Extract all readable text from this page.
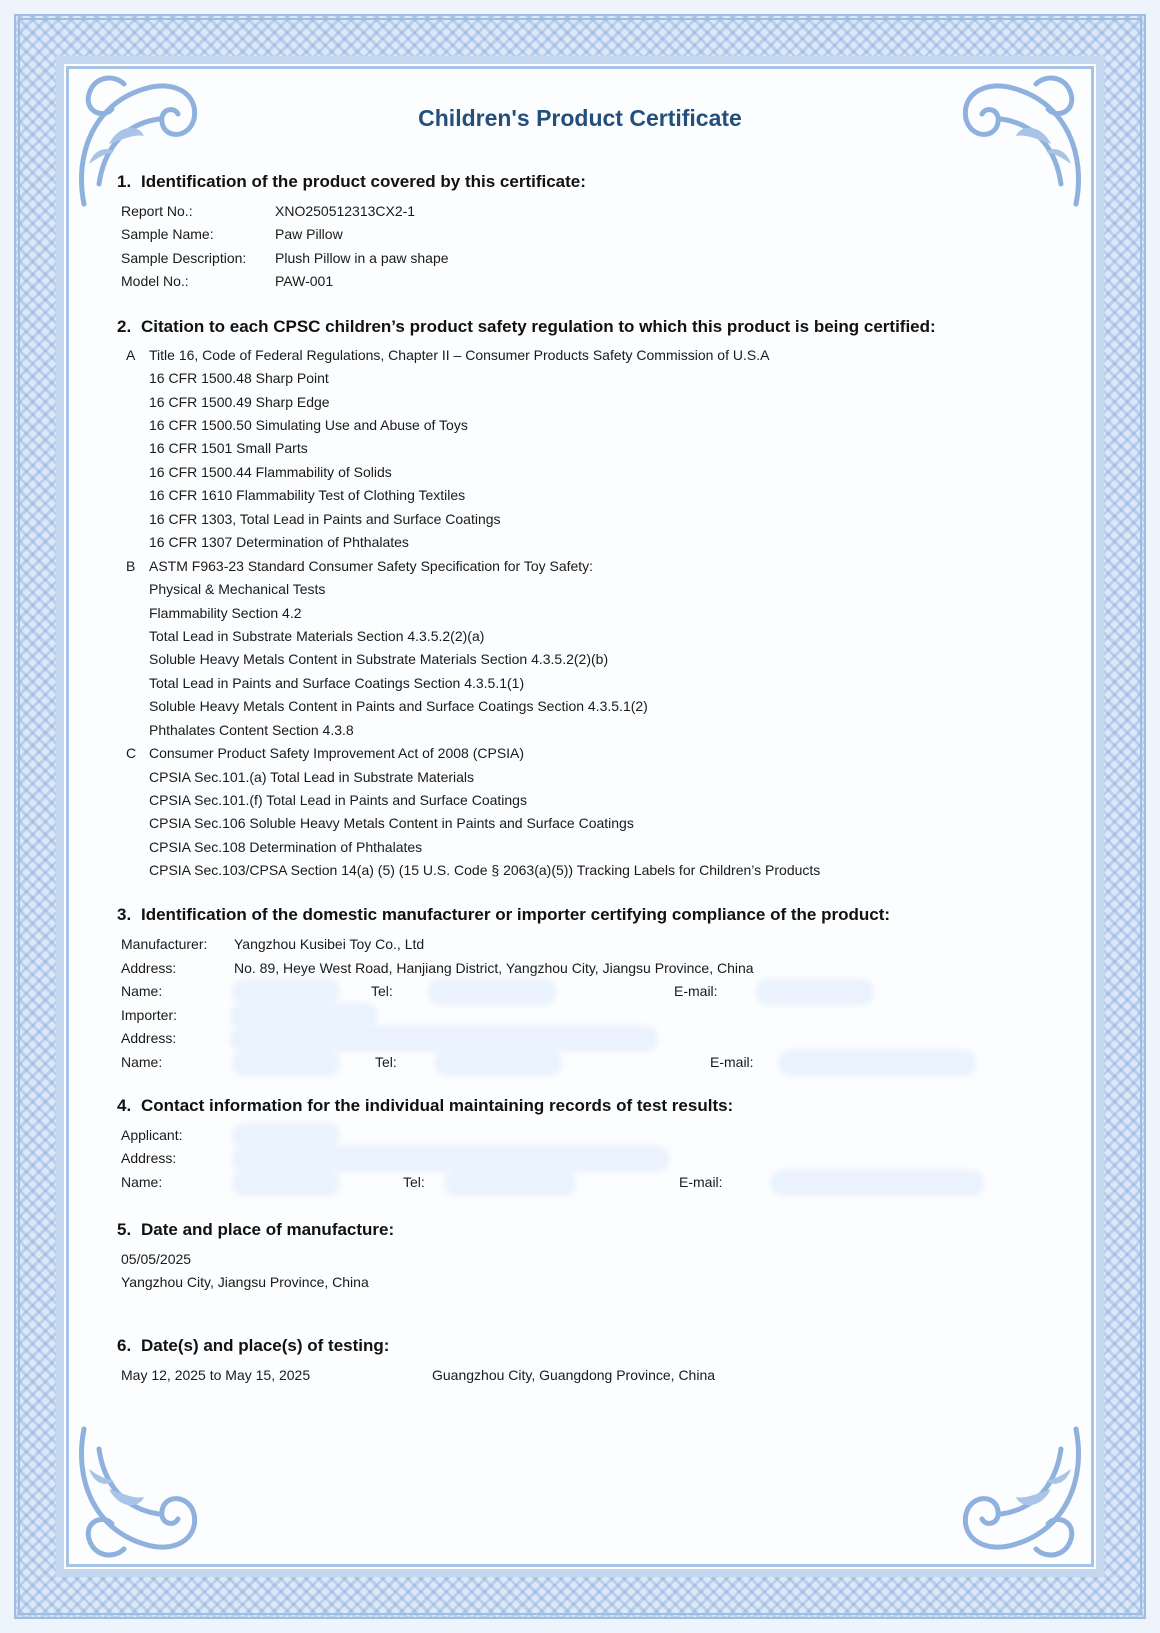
Children's Product Certificate
1. Identification of the product covered by this certificate:
Report No.:	XNO250512313CX2-1
Sample Name:	Paw Pillow
Sample Description: Plush Pillow in a paw shape
Model No.:	PAW-001
2. Citation to each CPSC children’s product safety regulation to which this product is being certified:
A Title 16, Code of Federal Regulations, Chapter II – Consumer Products Safety Commission of U.S.A
16 CFR 1500.48 Sharp Point
16 CFR 1500.49 Sharp Edge
16 CFR 1500.50 Simulating Use and Abuse of Toys
16 CFR 1501 Small Parts
16 CFR 1500.44 Flammability of Solids
16 CFR 1610 Flammability Test of Clothing Textiles
16 CFR 1303, Total Lead in Paints and Surface Coatings
16 CFR 1307 Determination of Phthalates
B ASTM F963-23 Standard Consumer Safety Specification for Toy Safety:
Physical & Mechanical Tests
Flammability Section 4.2
Total Lead in Substrate Materials Section 4.3.5.2(2)(a)
Soluble Heavy Metals Content in Substrate Materials Section 4.3.5.2(2)(b)
Total Lead in Paints and Surface Coatings Section 4.3.5.1(1)
Soluble Heavy Metals Content in Paints and Surface Coatings Section 4.3.5.1(2)
Phthalates Content Section 4.3.8
C Consumer Product Safety Improvement Act of 2008 (CPSIA)
CPSIA Sec.101.(a) Total Lead in Substrate Materials
CPSIA Sec.101.(f) Total Lead in Paints and Surface Coatings
CPSIA Sec.106 Soluble Heavy Metals Content in Paints and Surface Coatings
CPSIA Sec.108 Determination of Phthalates
CPSIA Sec.103/CPSA Section 14(a) (5) (15 U.S. Code § 2063(a)(5)) Tracking Labels for Children’s Products
3. Identification of the domestic manufacturer or importer certifying compliance of the product:
Manufacturer: Yangzhou Kusibei Toy Co., Ltd
Address:	No. 89, Heye West Road, Hanjiang District, Yangzhou City, Jiangsu Province, China
Name:	Tel:	E-mail:
Importer:
Address:
Name:	Tel:	E-mail:
4. Contact information for the individual maintaining records of test results:
Applicant:
Address:
Name:	Tel:	E-mail:
5. Date and place of manufacture:
05/05/2025
Yangzhou City, Jiangsu Province, China
6. Date(s) and place(s) of testing:
May 12, 2025 to May 15, 2025	Guangzhou City, Guangdong Province, China
